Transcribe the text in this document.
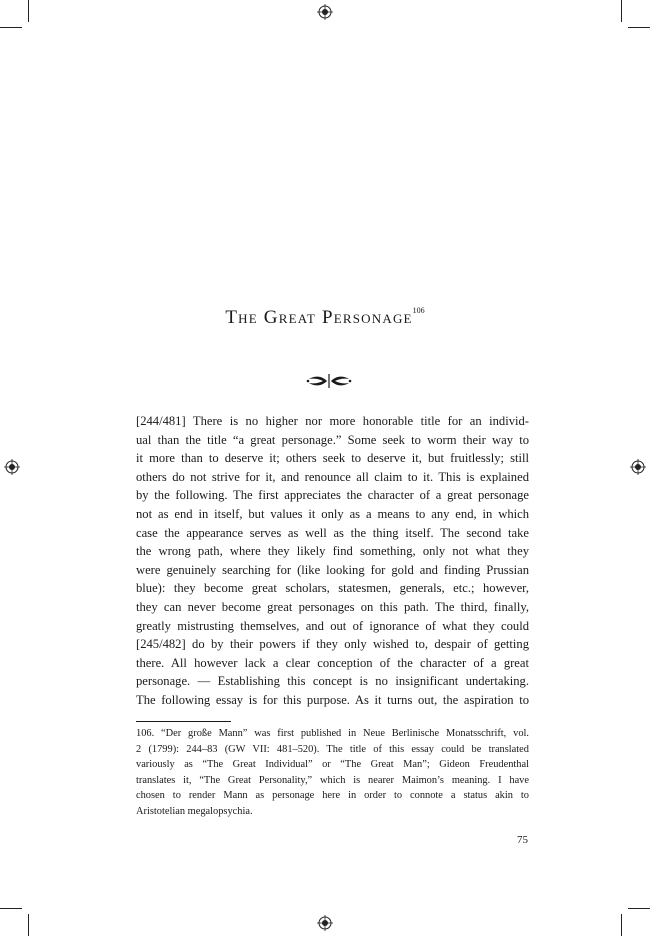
The Great Personage$^{106}$
[244/481] There is no higher nor more honorable title for an individ-
ual than the title “a great personage.” Some seek to worm their way to
it more than to deserve it; others seek to deserve it, but fruitlessly; still
others do not strive for it, and renounce all claim to it. This is explained
by the following. The first appreciates the character of a great personage
not as end in itself, but values it only as a means to any end, in which
case the appearance serves as well as the thing itself. The second take
the wrong path, where they likely find something, only not what they
were genuinely searching for (like looking for gold and finding Prussian
blue): they become great scholars, statesmen, generals, etc.; however,
they can never become great personages on this path. The third, finally,
greatly mistrusting themselves, and out of ignorance of what they could
[245/482] do by their powers if they only wished to, despair of getting
there. All however lack a clear conception of the character of a great
personage. — Establishing this concept is no insignificant undertaking.
The following essay is for this purpose. As it turns out, the aspiration to
106. “Der große Mann” was first published in Neue Berlinische Monatsschrift, vol.
2 (1799): 244–83 (GW VII: 481–520). The title of this essay could be translated
variously as “The Great Individual” or “The Great Man”; Gideon Freudenthal
translates it, “The Great Personality,” which is nearer Maimon’s meaning. I have
chosen to render Mann as personage here in order to connote a status akin to
Aristotelian megalopsychia.
75
